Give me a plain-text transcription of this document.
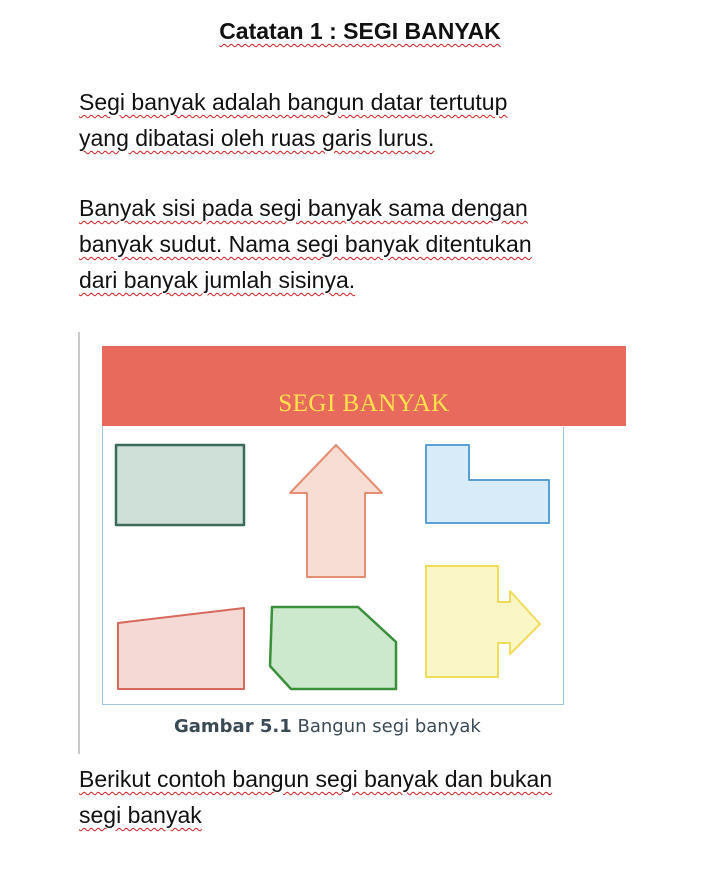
Catatan 1 : SEGI BANYAK
Segi banyak adalah bangun datar tertutup
yang dibatasi oleh ruas garis lurus.
Banyak sisi pada segi banyak sama dengan
banyak sudut. Nama segi banyak ditentukan
dari banyak jumlah sisinya.
SEGI BANYAK
Gambar 5.1 Bangun segi banyak
Berikut contoh bangun segi banyak dan bukan
segi banyak
